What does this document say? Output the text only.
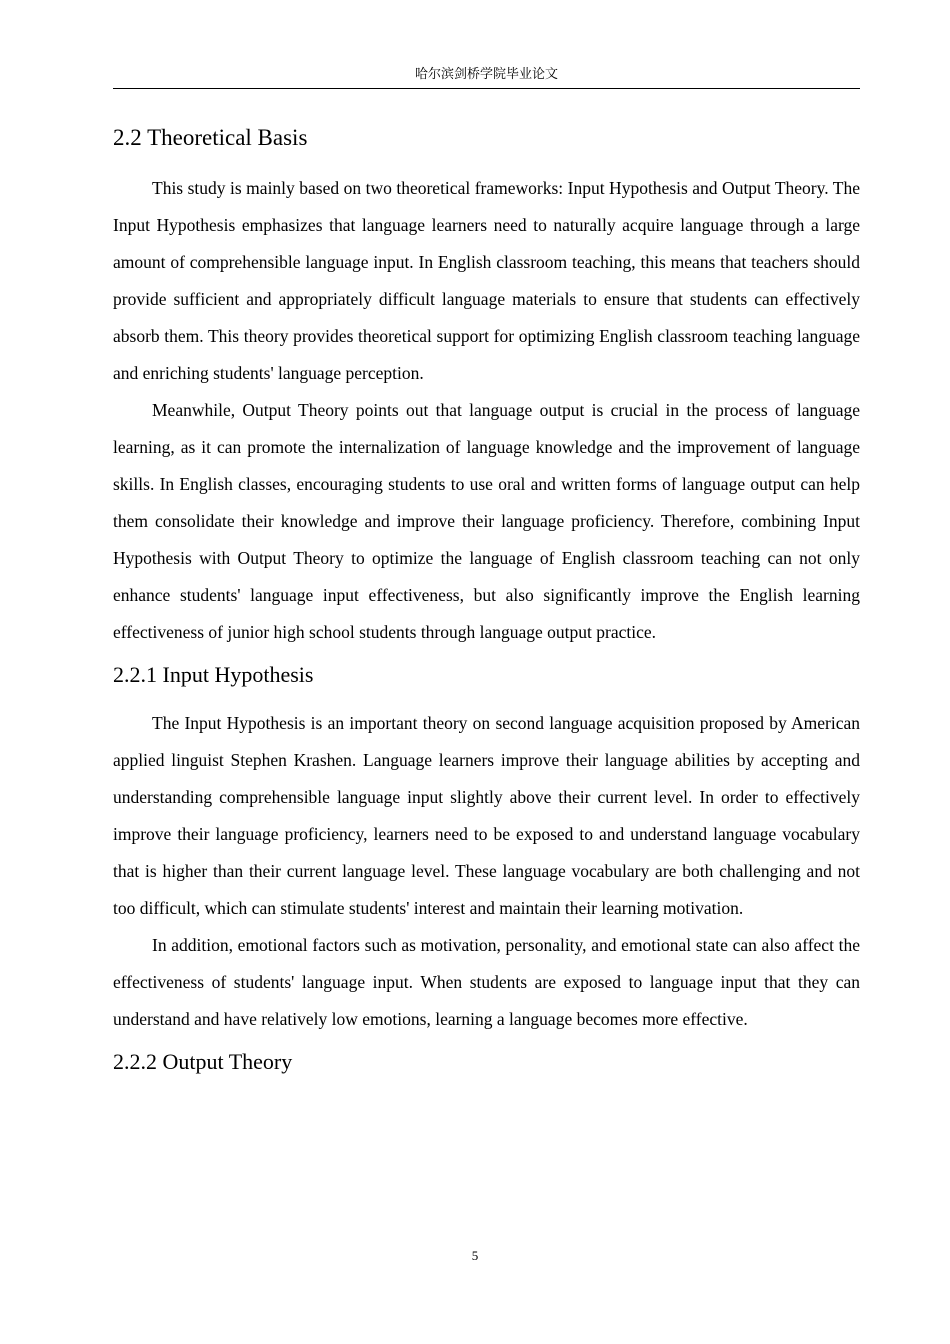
哈尔滨剑桥学院毕业论文
2.2 Theoretical Basis

This study is mainly based on two theoretical frameworks: Input Hypothesis and Output Theory. The Input Hypothesis emphasizes that language learners need to naturally acquire language through a large amount of comprehensible language input. In English classroom teaching, this means that teachers should provide sufficient and appropriately difficult language materials to ensure that students can effectively absorb them. This theory provides theoretical support for optimizing English classroom teaching language and enriching students' language perception.

Meanwhile, Output Theory points out that language output is crucial in the process of language learning, as it can promote the internalization of language knowledge and the improvement of language skills. In English classes, encouraging students to use oral and written forms of language output can help them consolidate their knowledge and improve their language proficiency. Therefore, combining Input Hypothesis with Output Theory to optimize the language of English classroom teaching can not only enhance students' language input effectiveness, but also significantly improve the English learning effectiveness of junior high school students through language output practice.

2.2.1 Input Hypothesis

The Input Hypothesis is an important theory on second language acquisition proposed by American applied linguist Stephen Krashen. Language learners improve their language abilities by accepting and understanding comprehensible language input slightly above their current level. In order to effectively improve their language proficiency, learners need to be exposed to and understand language vocabulary that is higher than their current language level. These language vocabulary are both challenging and not too difficult, which can stimulate students' interest and maintain their learning motivation.

In addition, emotional factors such as motivation, personality, and emotional state can also affect the effectiveness of students' language input. When students are exposed to language input that they can understand and have relatively low emotions, learning a language becomes more effective.

2.2.2 Output Theory
5
